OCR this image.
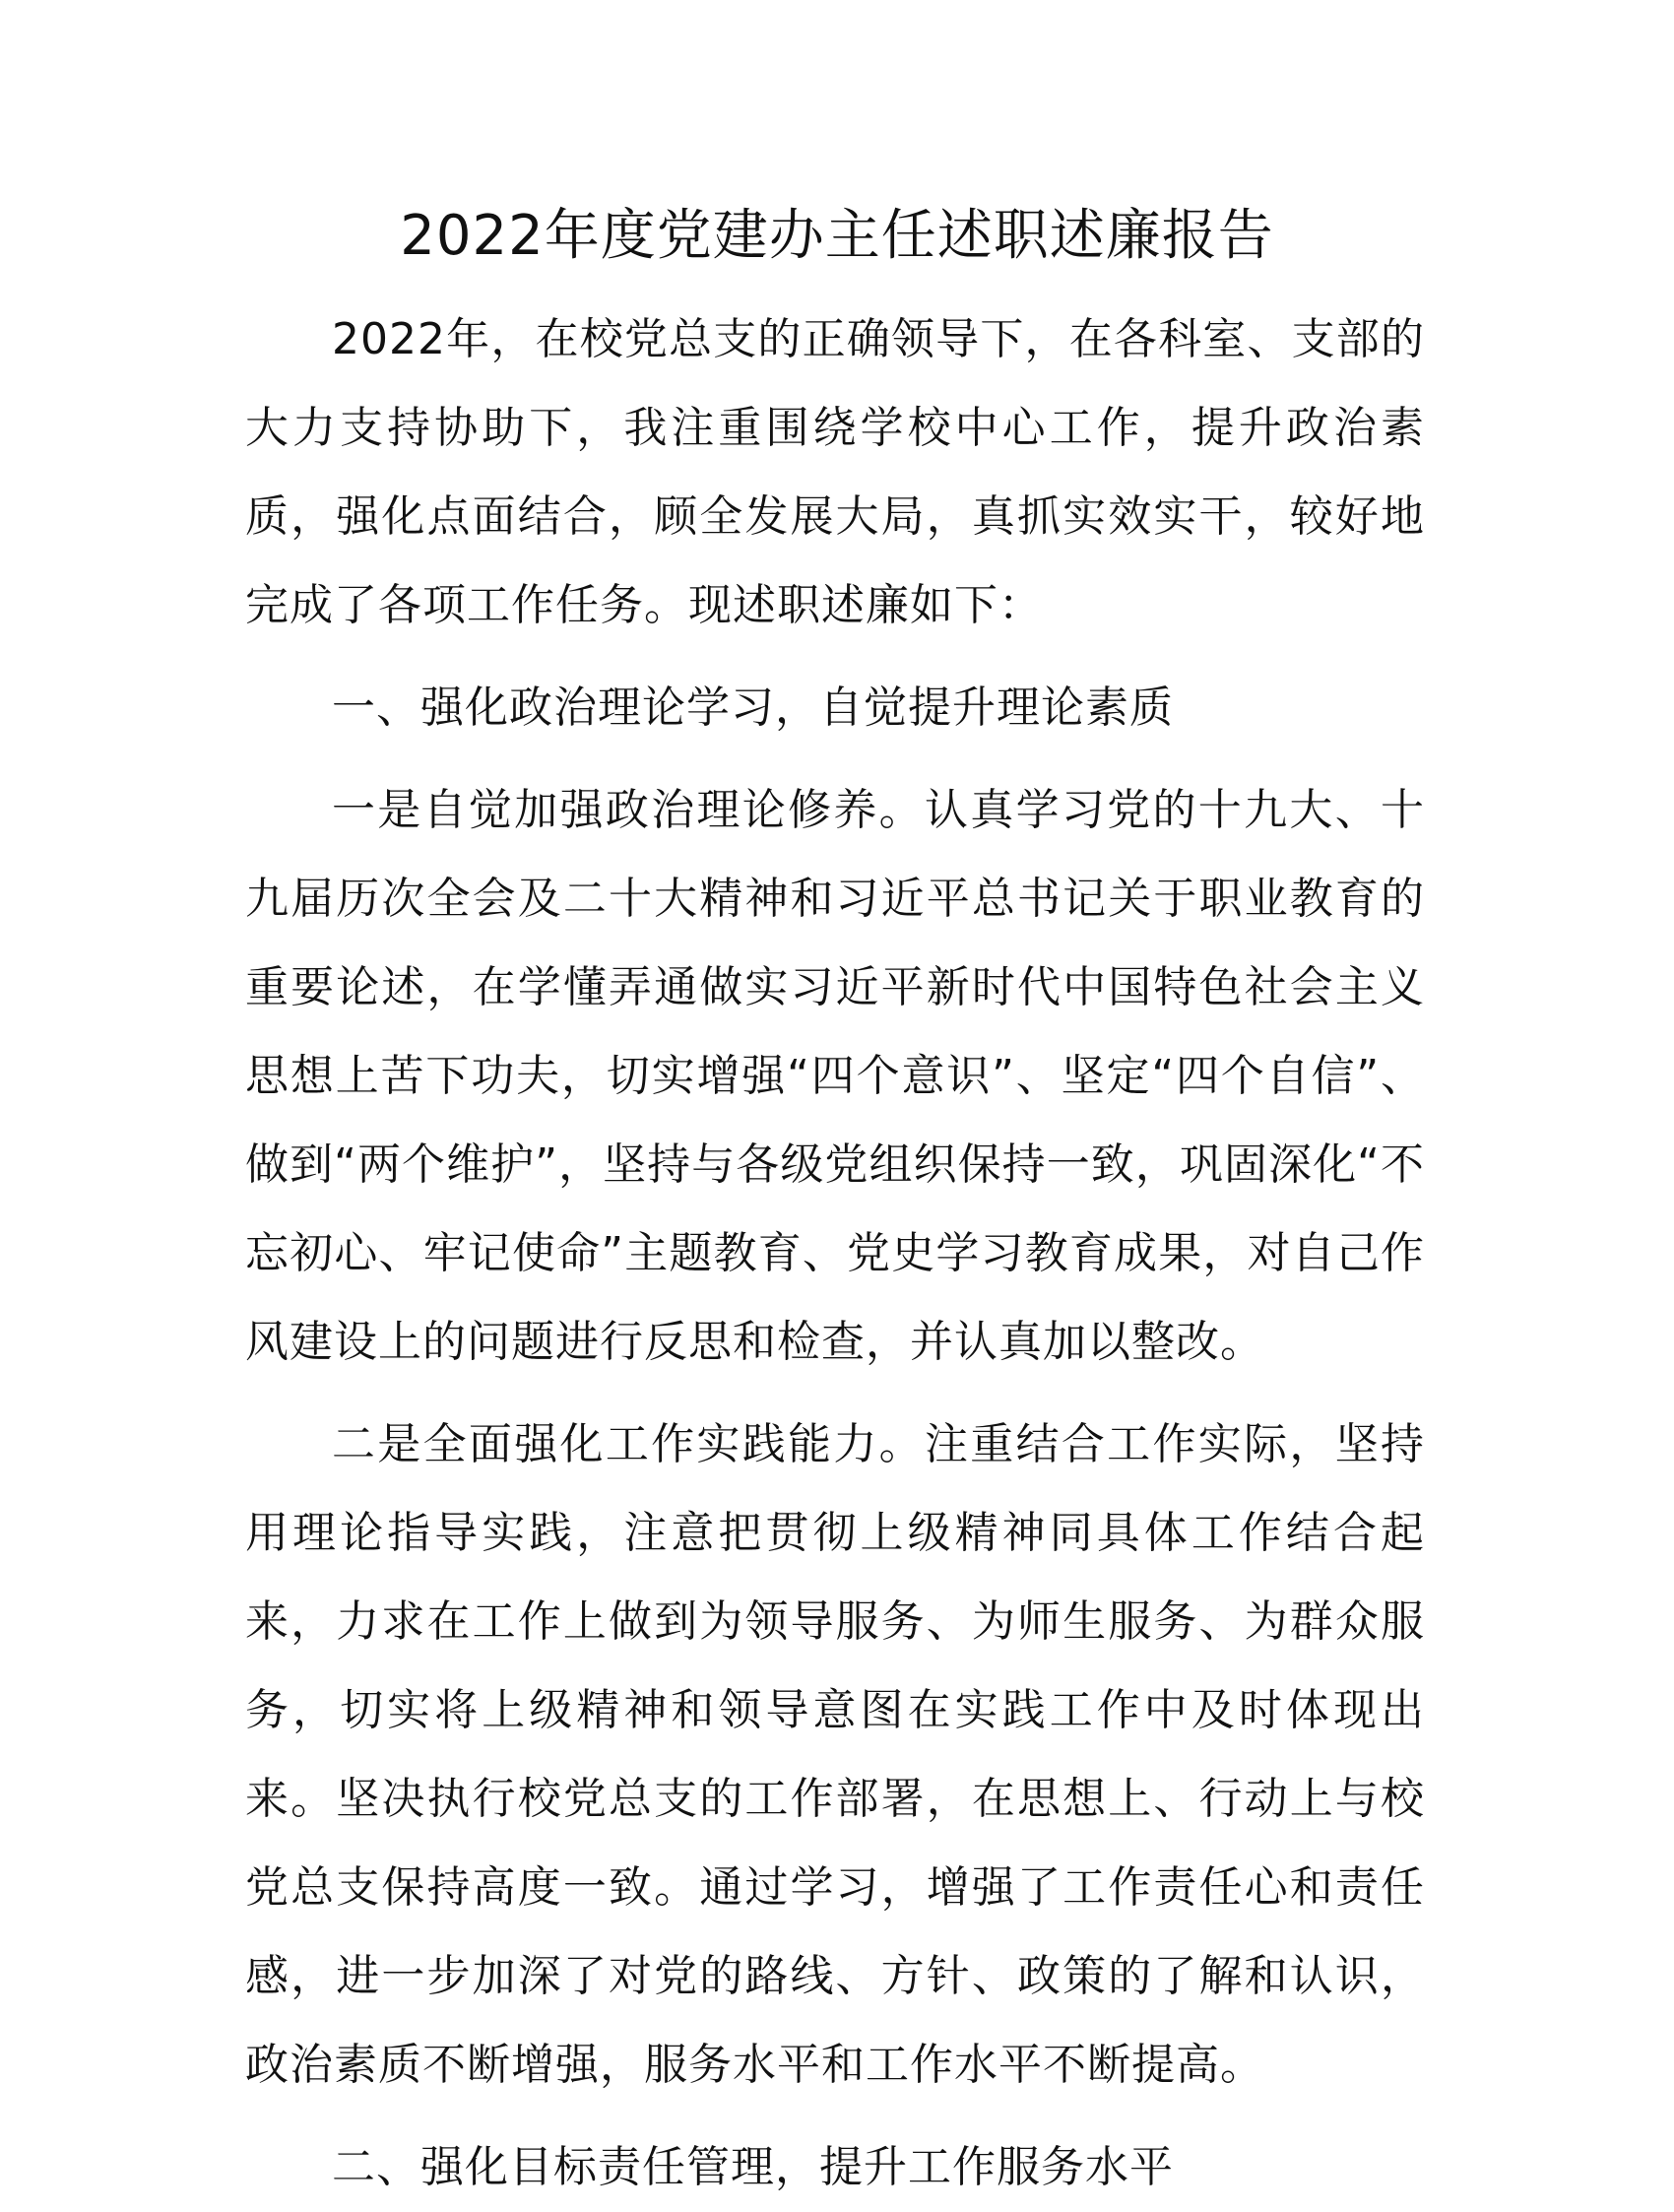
2022年度党建办主任述职述廉报告

2022年，在校党总支的正确领导下，在各科室、支部的大力支持协助下，我注重围绕学校中心工作，提升政治素质，强化点面结合，顾全发展大局，真抓实效实干，较好地完成了各项工作任务。现述职述廉如下：

一、强化政治理论学习，自觉提升理论素质

一是自觉加强政治理论修养。认真学习党的十九大、十九届历次全会及二十大精神和习近平总书记关于职业教育的重要论述，在学懂弄通做实习近平新时代中国特色社会主义思想上苦下功夫，切实增强“四个意识”、坚定“四个自信”、做到“两个维护”，坚持与各级党组织保持一致，巩固深化“不忘初心、牢记使命”主题教育、党史学习教育成果，对自己作风建设上的问题进行反思和检查，并认真加以整改。

二是全面强化工作实践能力。注重结合工作实际，坚持用理论指导实践，注意把贯彻上级精神同具体工作结合起来，力求在工作上做到为领导服务、为师生服务、为群众服务，切实将上级精神和领导意图在实践工作中及时体现出来。坚决执行校党总支的工作部署，在思想上、行动上与校党总支保持高度一致。通过学习，增强了工作责任心和责任感，进一步加深了对党的路线、方针、政策的了解和认识，政治素质不断增强，服务水平和工作水平不断提高。

二、强化目标责任管理，提升工作服务水平
